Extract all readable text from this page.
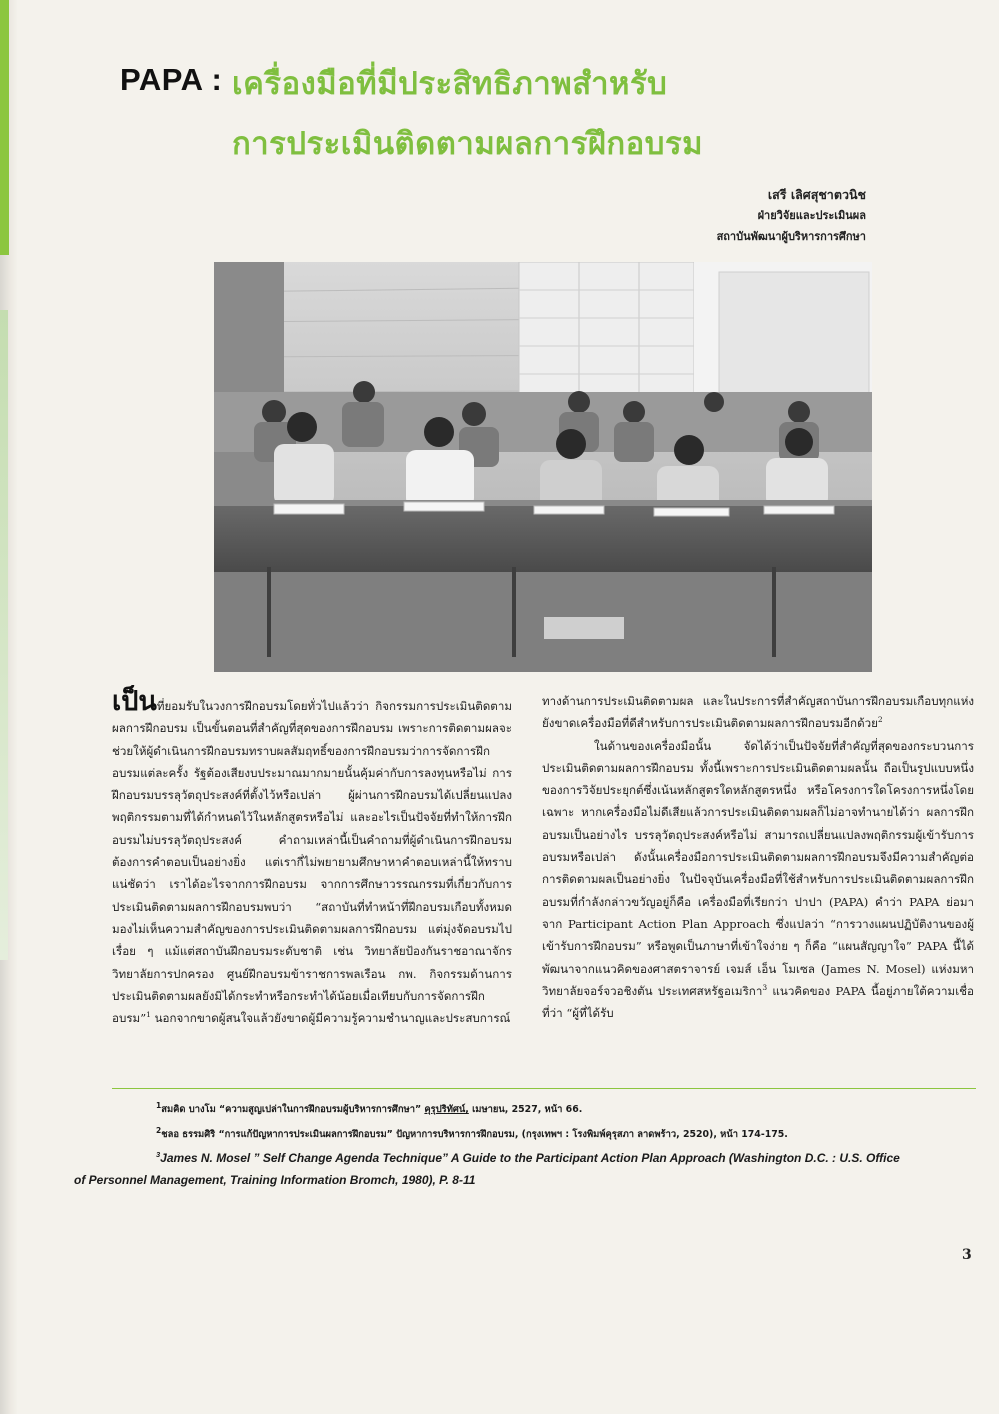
PAPA : เครื่องมือที่มีประสิทธิภาพสำหรับ
การประเมินติดตามผลการฝึกอบรม
เสรี เลิศสุชาตวนิช
ฝ่ายวิจัยและประเมินผล
สถาบันพัฒนาผู้บริหารการศึกษา

เป็นที่ยอมรับในวงการฝึกอบรมโดยทั่วไปแล้วว่า กิจกรรมการประเมินติดตามผลการฝึกอบรม เป็นขั้นตอนที่สำคัญที่สุดของการฝึกอบรม เพราะการติดตามผลจะช่วยให้ผู้ดำเนินการฝึกอบรมทราบผลสัมฤทธิ์ของการฝึกอบรมว่าการจัดการฝึกอบรมแต่ละครั้ง รัฐต้องเสียงบประมาณมากมายนั้นคุ้มค่ากับการลงทุนหรือไม่ การฝึกอบรมบรรลุวัตถุประสงค์ที่ตั้งไว้หรือเปล่า ผู้ผ่านการฝึกอบรมได้เปลี่ยนแปลงพฤติกรรมตามที่ได้กำหนดไว้ในหลักสูตรหรือไม่ และอะไรเป็นปัจจัยที่ทำให้การฝึกอบรมไม่บรรลุวัตถุประสงค์ คำถามเหล่านี้เป็นคำถามที่ผู้ดำเนินการฝึกอบรมต้องการคำตอบเป็นอย่างยิ่ง แต่เรากี่ไม่พยายามศึกษาหาคำตอบเหล่านี้ให้ทราบแน่ชัดว่า เราได้อะไรจากการฝึกอบรม จากการศึกษาวรรณกรรมที่เกี่ยวกับการประเมินติดตามผลการฝึกอบรมพบว่า “สถาบันที่ทำหน้าที่ฝึกอบรมเกือบทั้งหมดมองไม่เห็นความสำคัญของการประเมินติดตามผลการฝึกอบรม แต่มุ่งจัดอบรมไปเรื่อย ๆ แม้แต่สถาบันฝึกอบรมระดับชาติ เช่น วิทยาลัยป้องกันราชอาณาจักรวิทยาลัยการปกครอง ศูนย์ฝึกอบรมข้าราชการพลเรือน กพ. กิจกรรมด้านการประเมินติดตามผลยังมิได้กระทำหรือกระทำได้น้อยเมื่อเทียบกับการจัดการฝึกอบรม”$^1$ นอกจากขาดผู้สนใจแล้วยังขาดผู้มีความรู้ความชำนาญและประสบการณ์

ทางด้านการประเมินติดตามผล และในประการที่สำคัญสถาบันการฝึกอบรมเกือบทุกแห่งยังขาดเครื่องมือที่ดีสำหรับการประเมินติดตามผลการฝึกอบรมอีกด้วย$^2$

ในด้านของเครื่องมือนั้น จัดได้ว่าเป็นปัจจัยที่สำคัญที่สุดของกระบวนการประเมินติดตามผลการฝึกอบรม ทั้งนี้เพราะการประเมินติดตามผลนั้น ถือเป็นรูปแบบหนึ่งของการวิจัยประยุกต์ซึ่งเน้นหลักสูตรใดหลักสูตรหนึ่ง หรือโครงการใดโครงการหนึ่งโดยเฉพาะ หากเครื่องมือไม่ดีเสียแล้วการประเมินติดตามผลก็ไม่อาจทำนายได้ว่า ผลการฝึกอบรมเป็นอย่างไร บรรลุวัตถุประสงค์หรือไม่ สามารถเปลี่ยนแปลงพฤติกรรมผู้เข้ารับการอบรมหรือเปล่า ดังนั้นเครื่องมือการประเมินติดตามผลการฝึกอบรมจึงมีความสำคัญต่อการติดตามผลเป็นอย่างยิ่ง ในปัจจุบันเครื่องมือที่ใช้สำหรับการประเมินติดตามผลการฝึกอบรมที่กำลังกล่าวขวัญอยู่ก็คือ เครื่องมือที่เรียกว่า ปาปา (PAPA) คำว่า PAPA ย่อมาจาก Participant Action Plan Approach ซึ่งแปลว่า “การวางแผนปฏิบัติงานของผู้เข้ารับการฝึกอบรม” หรือพูดเป็นภาษาที่เข้าใจง่าย ๆ ก็คือ “แผนสัญญาใจ” PAPA นี้ได้พัฒนาจากแนวคิดของศาสตราจารย์ เจมส์ เอ็น โมเซล (James N. Mosel) แห่งมหาวิทยาลัยจอร์จวอชิงตัน ประเทศสหรัฐอเมริกา$^3$ แนวคิดของ PAPA นี้อยู่ภายใต้ความเชื่อที่ว่า “ผู้ที่ได้รับ

$^1$สมคิด บางโม “ความสูญเปล่าในการฝึกอบรมผู้บริหารการศึกษา” คุรุปริทัศน์, เมษายน, 2527, หน้า 66.
$^2$ชลอ ธรรมศิริ “การแก้ปัญหาการประเมินผลการฝึกอบรม” ปัญหาการบริหารการฝึกอบรม, (กรุงเทพฯ : โรงพิมพ์คุรุสภา ลาดพร้าว, 2520), หน้า 174-175.
$^3$James N. Mosel ” Self Change Agenda Technique” A Guide to the Participant Action Plan Approach (Washington D.C. : U.S. Office
of Personnel Management, Training Information Bromch, 1980), P. 8-11
3
